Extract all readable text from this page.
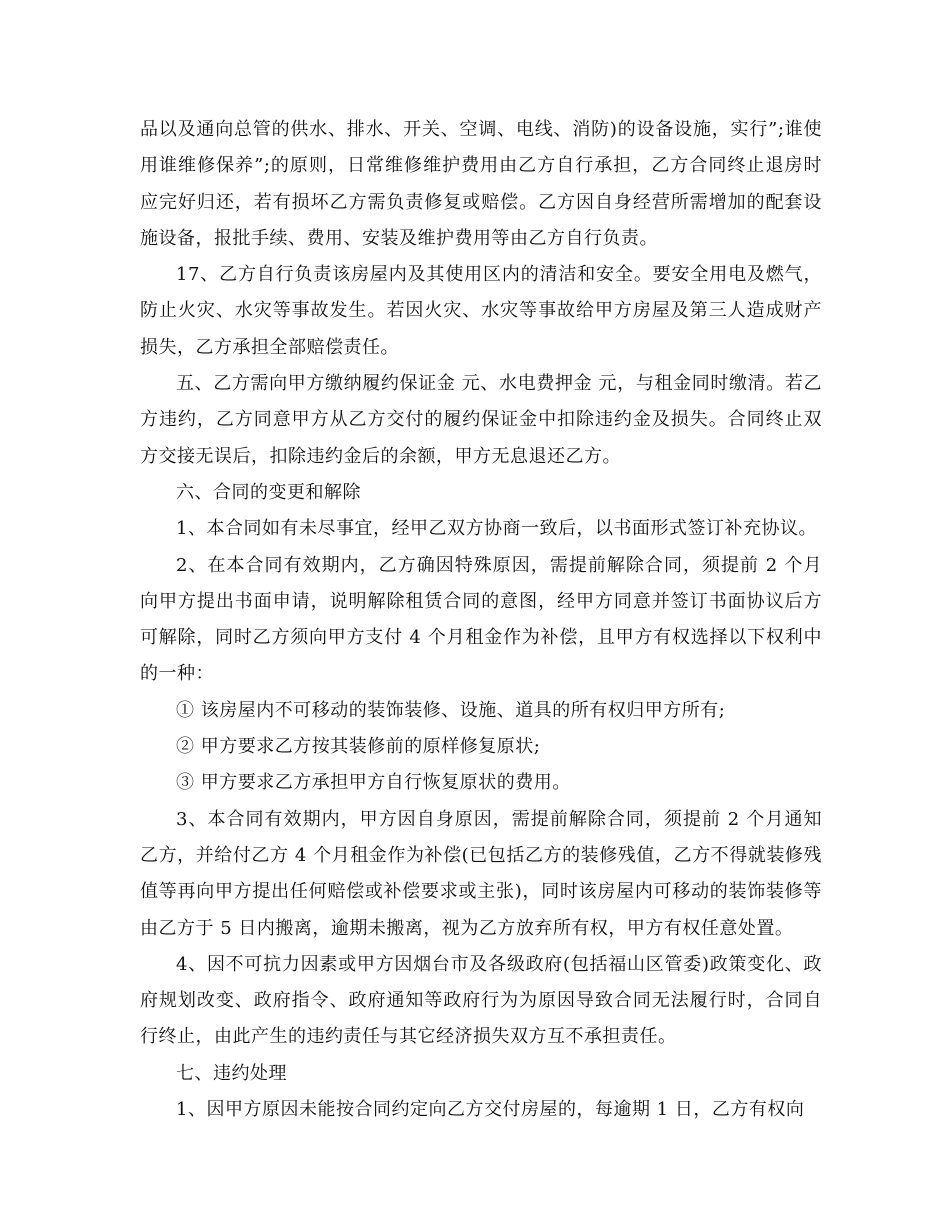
品以及通向总管的供水、排水、开关、空调、电线、消防)的设备设施，实行”;谁使用谁维修保养”;的原则，日常维修维护费用由乙方自行承担，乙方合同终止退房时应完好归还，若有损坏乙方需负责修复或赔偿。乙方因自身经营所需增加的配套设施设备，报批手续、费用、安装及维护费用等由乙方自行负责。

17、乙方自行负责该房屋内及其使用区内的清洁和安全。要安全用电及燃气，防止火灾、水灾等事故发生。若因火灾、水灾等事故给甲方房屋及第三人造成财产损失，乙方承担全部赔偿责任。

五、乙方需向甲方缴纳履约保证金 元、水电费押金 元，与租金同时缴清。若乙方违约，乙方同意甲方从乙方交付的履约保证金中扣除违约金及损失。合同终止双方交接无误后，扣除违约金后的余额，甲方无息退还乙方。

六、合同的变更和解除

1、本合同如有未尽事宜，经甲乙双方协商一致后，以书面形式签订补充协议。

2、在本合同有效期内，乙方确因特殊原因，需提前解除合同，须提前 2 个月向甲方提出书面申请，说明解除租赁合同的意图，经甲方同意并签订书面协议后方可解除，同时乙方须向甲方支付 4 个月租金作为补偿，且甲方有权选择以下权利中的一种：

① 该房屋内不可移动的装饰装修、设施、道具的所有权归甲方所有;

② 甲方要求乙方按其装修前的原样修复原状;

③ 甲方要求乙方承担甲方自行恢复原状的费用。

3、本合同有效期内，甲方因自身原因，需提前解除合同，须提前 2 个月通知乙方，并给付乙方 4 个月租金作为补偿(已包括乙方的装修残值，乙方不得就装修残值等再向甲方提出任何赔偿或补偿要求或主张)，同时该房屋内可移动的装饰装修等由乙方于 5 日内搬离，逾期未搬离，视为乙方放弃所有权，甲方有权任意处置。

4、因不可抗力因素或甲方因烟台市及各级政府(包括福山区管委)政策变化、政府规划改变、政府指令、政府通知等政府行为为原因导致合同无法履行时，合同自行终止，由此产生的违约责任与其它经济损失双方互不承担责任。

七、违约处理

1、因甲方原因未能按合同约定向乙方交付房屋的，每逾期 1 日，乙方有权向
